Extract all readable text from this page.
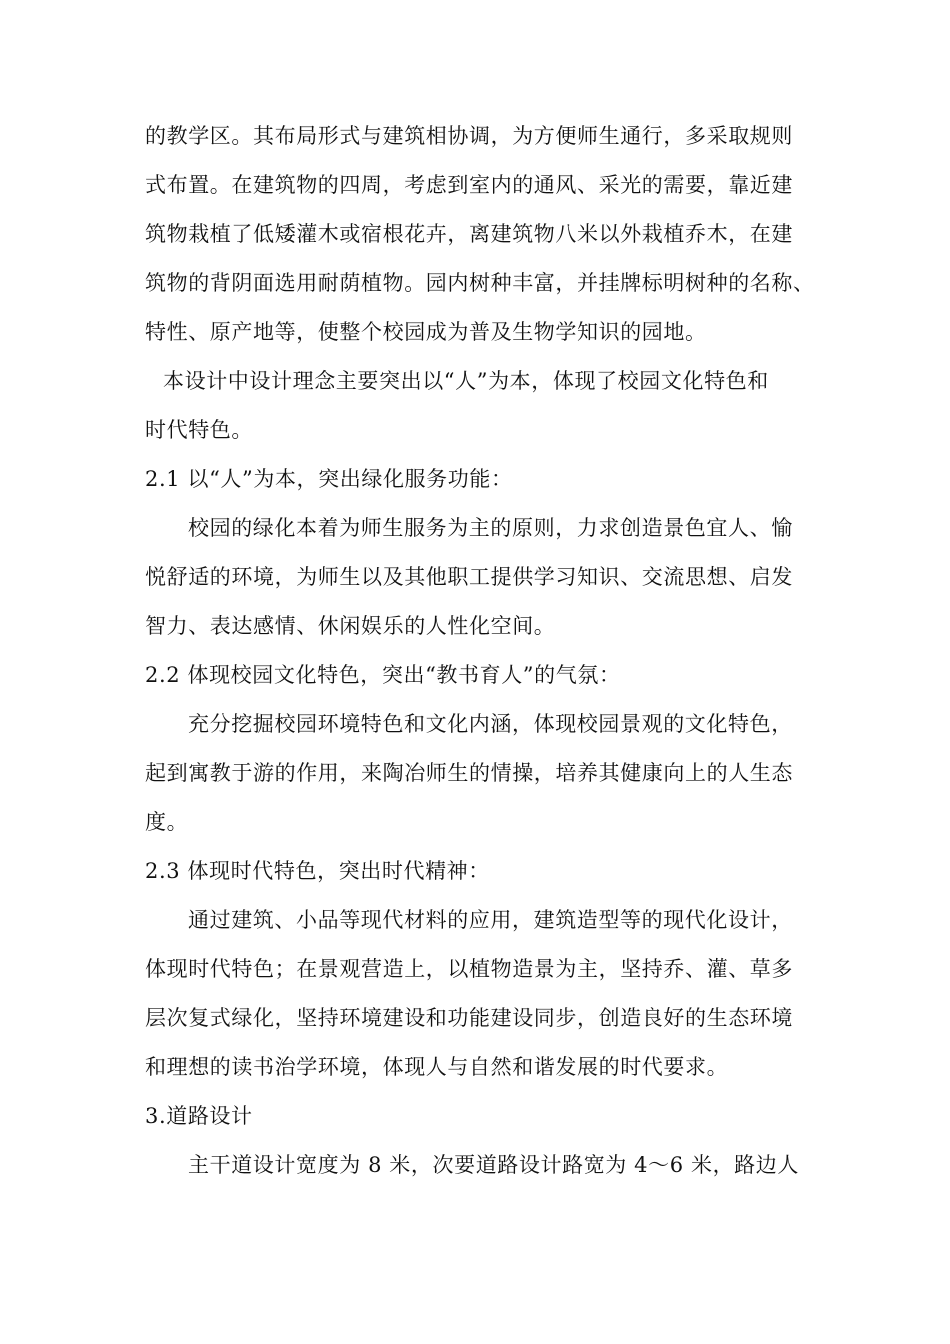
的教学区。其布局形式与建筑相协调，为方便师生通行，多采取规则
式布置。在建筑物的四周，考虑到室内的通风、采光的需要，靠近建
筑物栽植了低矮灌木或宿根花卉，离建筑物八米以外栽植乔木，在建
筑物的背阴面选用耐荫植物。园内树种丰富，并挂牌标明树种的名称、
特性、原产地等，使整个校园成为普及生物学知识的园地。
本设计中设计理念主要突出以“人”为本，体现了校园文化特色和
时代特色。
2.1 以“人”为本，突出绿化服务功能：
校园的绿化本着为师生服务为主的原则，力求创造景色宜人、愉
悦舒适的环境，为师生以及其他职工提供学习知识、交流思想、启发
智力、表达感情、休闲娱乐的人性化空间。
2.2 体现校园文化特色，突出“教书育人”的气氛：
充分挖掘校园环境特色和文化内涵，体现校园景观的文化特色，
起到寓教于游的作用，来陶冶师生的情操，培养其健康向上的人生态
度。
2.3 体现时代特色，突出时代精神：
通过建筑、小品等现代材料的应用，建筑造型等的现代化设计，
体现时代特色；在景观营造上，以植物造景为主，坚持乔、灌、草多
层次复式绿化，坚持环境建设和功能建设同步，创造良好的生态环境
和理想的读书治学环境，体现人与自然和谐发展的时代要求。
3.道路设计
主干道设计宽度为 8 米，次要道路设计路宽为 4～6 米，路边人
